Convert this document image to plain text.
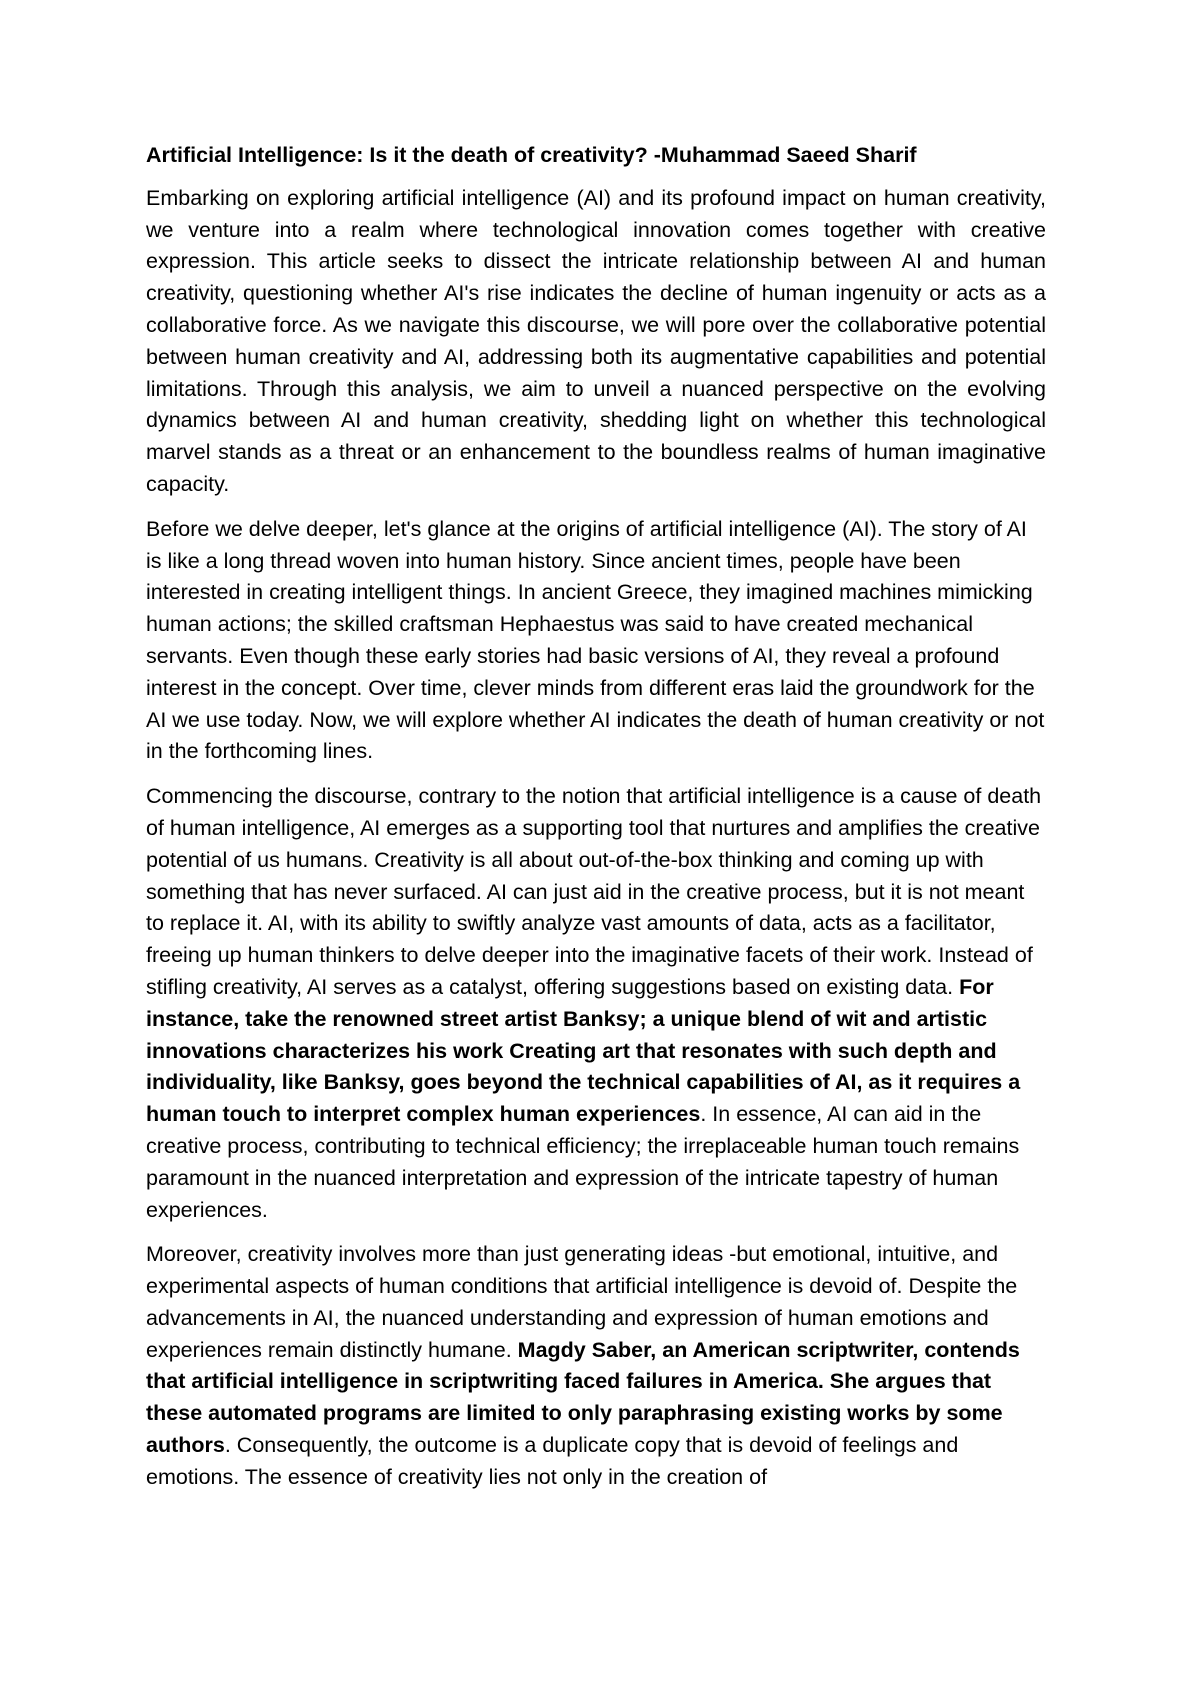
Artificial Intelligence: Is it the death of creativity? -Muhammad Saeed Sharif

Embarking on exploring artificial intelligence (AI) and its profound impact on human creativity, we venture into a realm where technological innovation comes together with creative expression. This article seeks to dissect the intricate relationship between AI and human creativity, questioning whether AI's rise indicates the decline of human ingenuity or acts as a collaborative force. As we navigate this discourse, we will pore over the collaborative potential between human creativity and AI, addressing both its augmentative capabilities and potential limitations. Through this analysis, we aim to unveil a nuanced perspective on the evolving dynamics between AI and human creativity, shedding light on whether this technological marvel stands as a threat or an enhancement to the boundless realms of human imaginative capacity.

Before we delve deeper, let's glance at the origins of artificial intelligence (AI). The story of AI is like a long thread woven into human history. Since ancient times, people have been interested in creating intelligent things. In ancient Greece, they imagined machines mimicking human actions; the skilled craftsman Hephaestus was said to have created mechanical servants. Even though these early stories had basic versions of AI, they reveal a profound interest in the concept. Over time, clever minds from different eras laid the groundwork for the AI we use today. Now, we will explore whether AI indicates the death of human creativity or not in the forthcoming lines.

Commencing the discourse, contrary to the notion that artificial intelligence is a cause of death of human intelligence, AI emerges as a supporting tool that nurtures and amplifies the creative potential of us humans. Creativity is all about out-of-the-box thinking and coming up with something that has never surfaced. AI can just aid in the creative process, but it is not meant to replace it. AI, with its ability to swiftly analyze vast amounts of data, acts as a facilitator, freeing up human thinkers to delve deeper into the imaginative facets of their work. Instead of stifling creativity, AI serves as a catalyst, offering suggestions based on existing data. For instance, take the renowned street artist Banksy; a unique blend of wit and artistic innovations characterizes his work Creating art that resonates with such depth and individuality, like Banksy, goes beyond the technical capabilities of AI, as it requires a human touch to interpret complex human experiences. In essence, AI can aid in the creative process, contributing to technical efficiency; the irreplaceable human touch remains paramount in the nuanced interpretation and expression of the intricate tapestry of human experiences.

Moreover, creativity involves more than just generating ideas -but emotional, intuitive, and experimental aspects of human conditions that artificial intelligence is devoid of. Despite the advancements in AI, the nuanced understanding and expression of human emotions and experiences remain distinctly humane. Magdy Saber, an American scriptwriter, contends that artificial intelligence in scriptwriting faced failures in America. She argues that these automated programs are limited to only paraphrasing existing works by some authors. Consequently, the outcome is a duplicate copy that is devoid of feelings and emotions. The essence of creativity lies not only in the creation of
